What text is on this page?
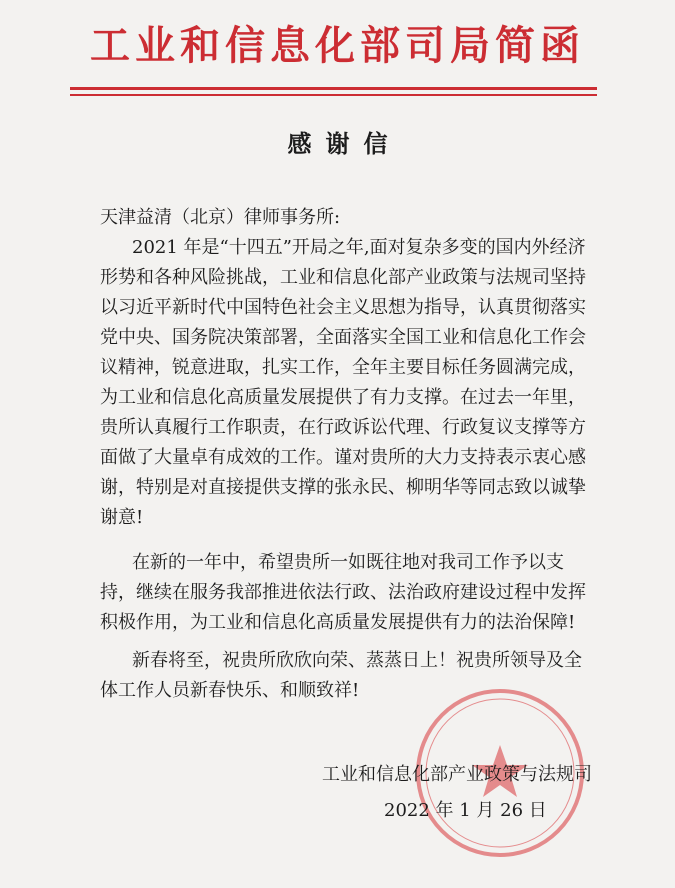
工业和信息化部司局简函
感谢信
天津益清（北京）律师事务所:
2021 年是“十四五”开局之年,面对复杂多变的国内外经济
形势和各种风险挑战，工业和信息化部产业政策与法规司坚持
以习近平新时代中国特色社会主义思想为指导，认真贯彻落实
党中央、国务院决策部署，全面落实全国工业和信息化工作会
议精神，锐意进取，扎实工作，全年主要目标任务圆满完成，
为工业和信息化高质量发展提供了有力支撑。在过去一年里，
贵所认真履行工作职责，在行政诉讼代理、行政复议支撑等方
面做了大量卓有成效的工作。谨对贵所的大力支持表示衷心感
谢，特别是对直接提供支撑的张永民、柳明华等同志致以诚挚
谢意!
在新的一年中，希望贵所一如既往地对我司工作予以支
持，继续在服务我部推进依法行政、法治政府建设过程中发挥
积极作用，为工业和信息化高质量发展提供有力的法治保障!
新春将至，祝贵所欣欣向荣、蒸蒸日上！祝贵所领导及全
体工作人员新春快乐、和顺致祥!
工业和信息化部产业政策与法规司
2022 年 1 月 26 日
